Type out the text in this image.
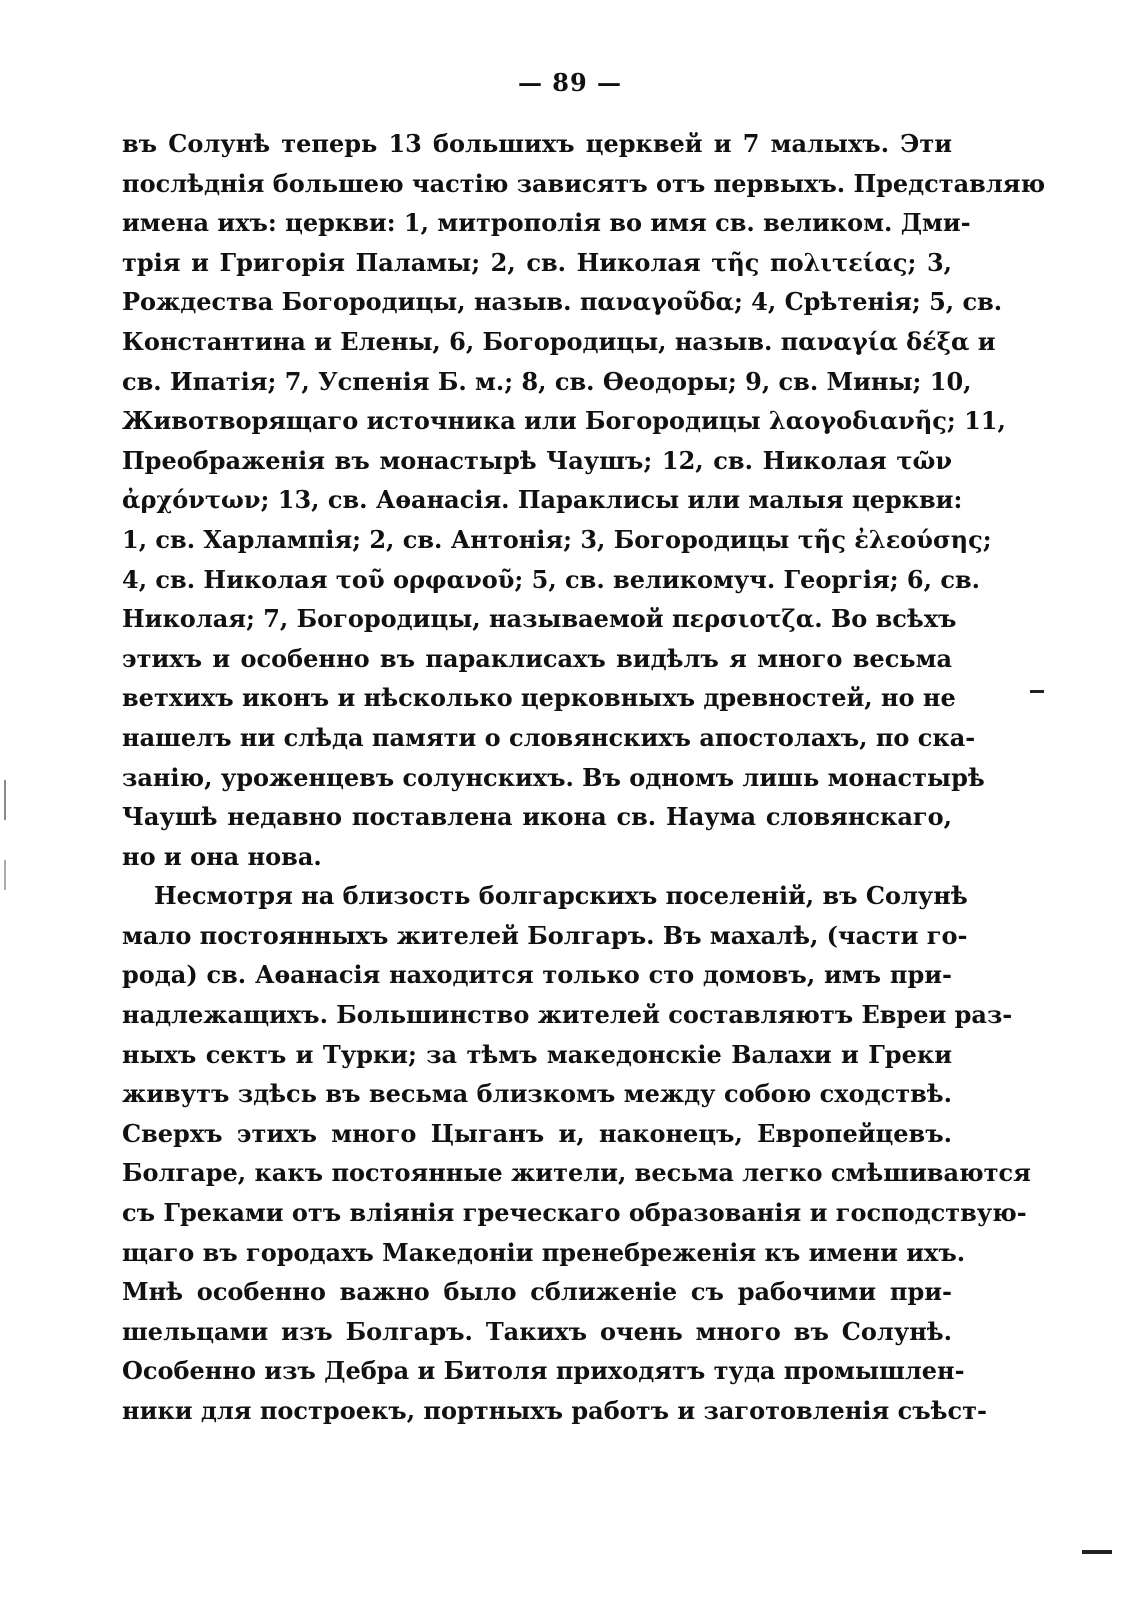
— 89 —
въ Солунѣ теперь 13 большихъ церквей и 7 малыхъ. Эти
послѣднія большею частію зависятъ отъ первыхъ. Представляю
имена ихъ: церкви: 1, митрополія во имя св. великом. Дми-
трія и Григорія Паламы; 2, св. Николая τῆς πολιτείας; 3,
Рождества Богородицы, назыв. παναγοῦδα; 4, Срѣтенія; 5, св.
Константина и Елены, 6, Богородицы, назыв. παναγία δέξα и
св. Ипатія; 7, Успенія Б. м.; 8, св. Ѳеодоры; 9, св. Мины; 10,
Животворящаго источника или Богородицы λαογοδιανῆς; 11,
Преображенія въ монастырѣ Чаушъ; 12, св. Николая τῶν
ἀρχόντων; 13, св. Аѳанасія. Параклисы или малыя церкви:
1, св. Харлампія; 2, св. Антонія; 3, Богородицы τῆς ἐλεούσης;
4, св. Николая τοῦ ορφανοῦ; 5, св. великомуч. Георгія; 6, св.
Николая; 7, Богородицы, называемой περσιοτζα. Во всѣхъ
этихъ и особенно въ параклисахъ видѣлъ я много весьма
ветхихъ иконъ и нѣсколько церковныхъ древностей, но не
нашелъ ни слѣда памяти о словянскихъ апостолахъ, по ска-
занію, уроженцевъ солунскихъ. Въ одномъ лишь монастырѣ
Чаушѣ недавно поставлена икона св. Наума словянскаго,
но и она нова.
Несмотря на близость болгарскихъ поселеній, въ Солунѣ
мало постоянныхъ жителей Болгаръ. Въ махалѣ, (части го-
рода) св. Аѳанасія находится только сто домовъ, имъ при-
надлежащихъ. Большинство жителей составляютъ Евреи раз-
ныхъ сектъ и Турки; за тѣмъ македонскіе Валахи и Греки
живутъ здѣсь въ весьма близкомъ между собою сходствѣ.
Сверхъ этихъ много Цыганъ и, наконецъ, Европейцевъ.
Болгаре, какъ постоянные жители, весьма легко смѣшиваются
съ Греками отъ вліянія греческаго образованія и господствую-
щаго въ городахъ Македоніи пренебреженія къ имени ихъ.
Мнѣ особенно важно было сближеніе съ рабочими при-
шельцами изъ Болгаръ. Такихъ очень много въ Солунѣ.
Особенно изъ Дебра и Битоля приходятъ туда промышлен-
ники для построекъ, портныхъ работъ и заготовленія съѣст-
